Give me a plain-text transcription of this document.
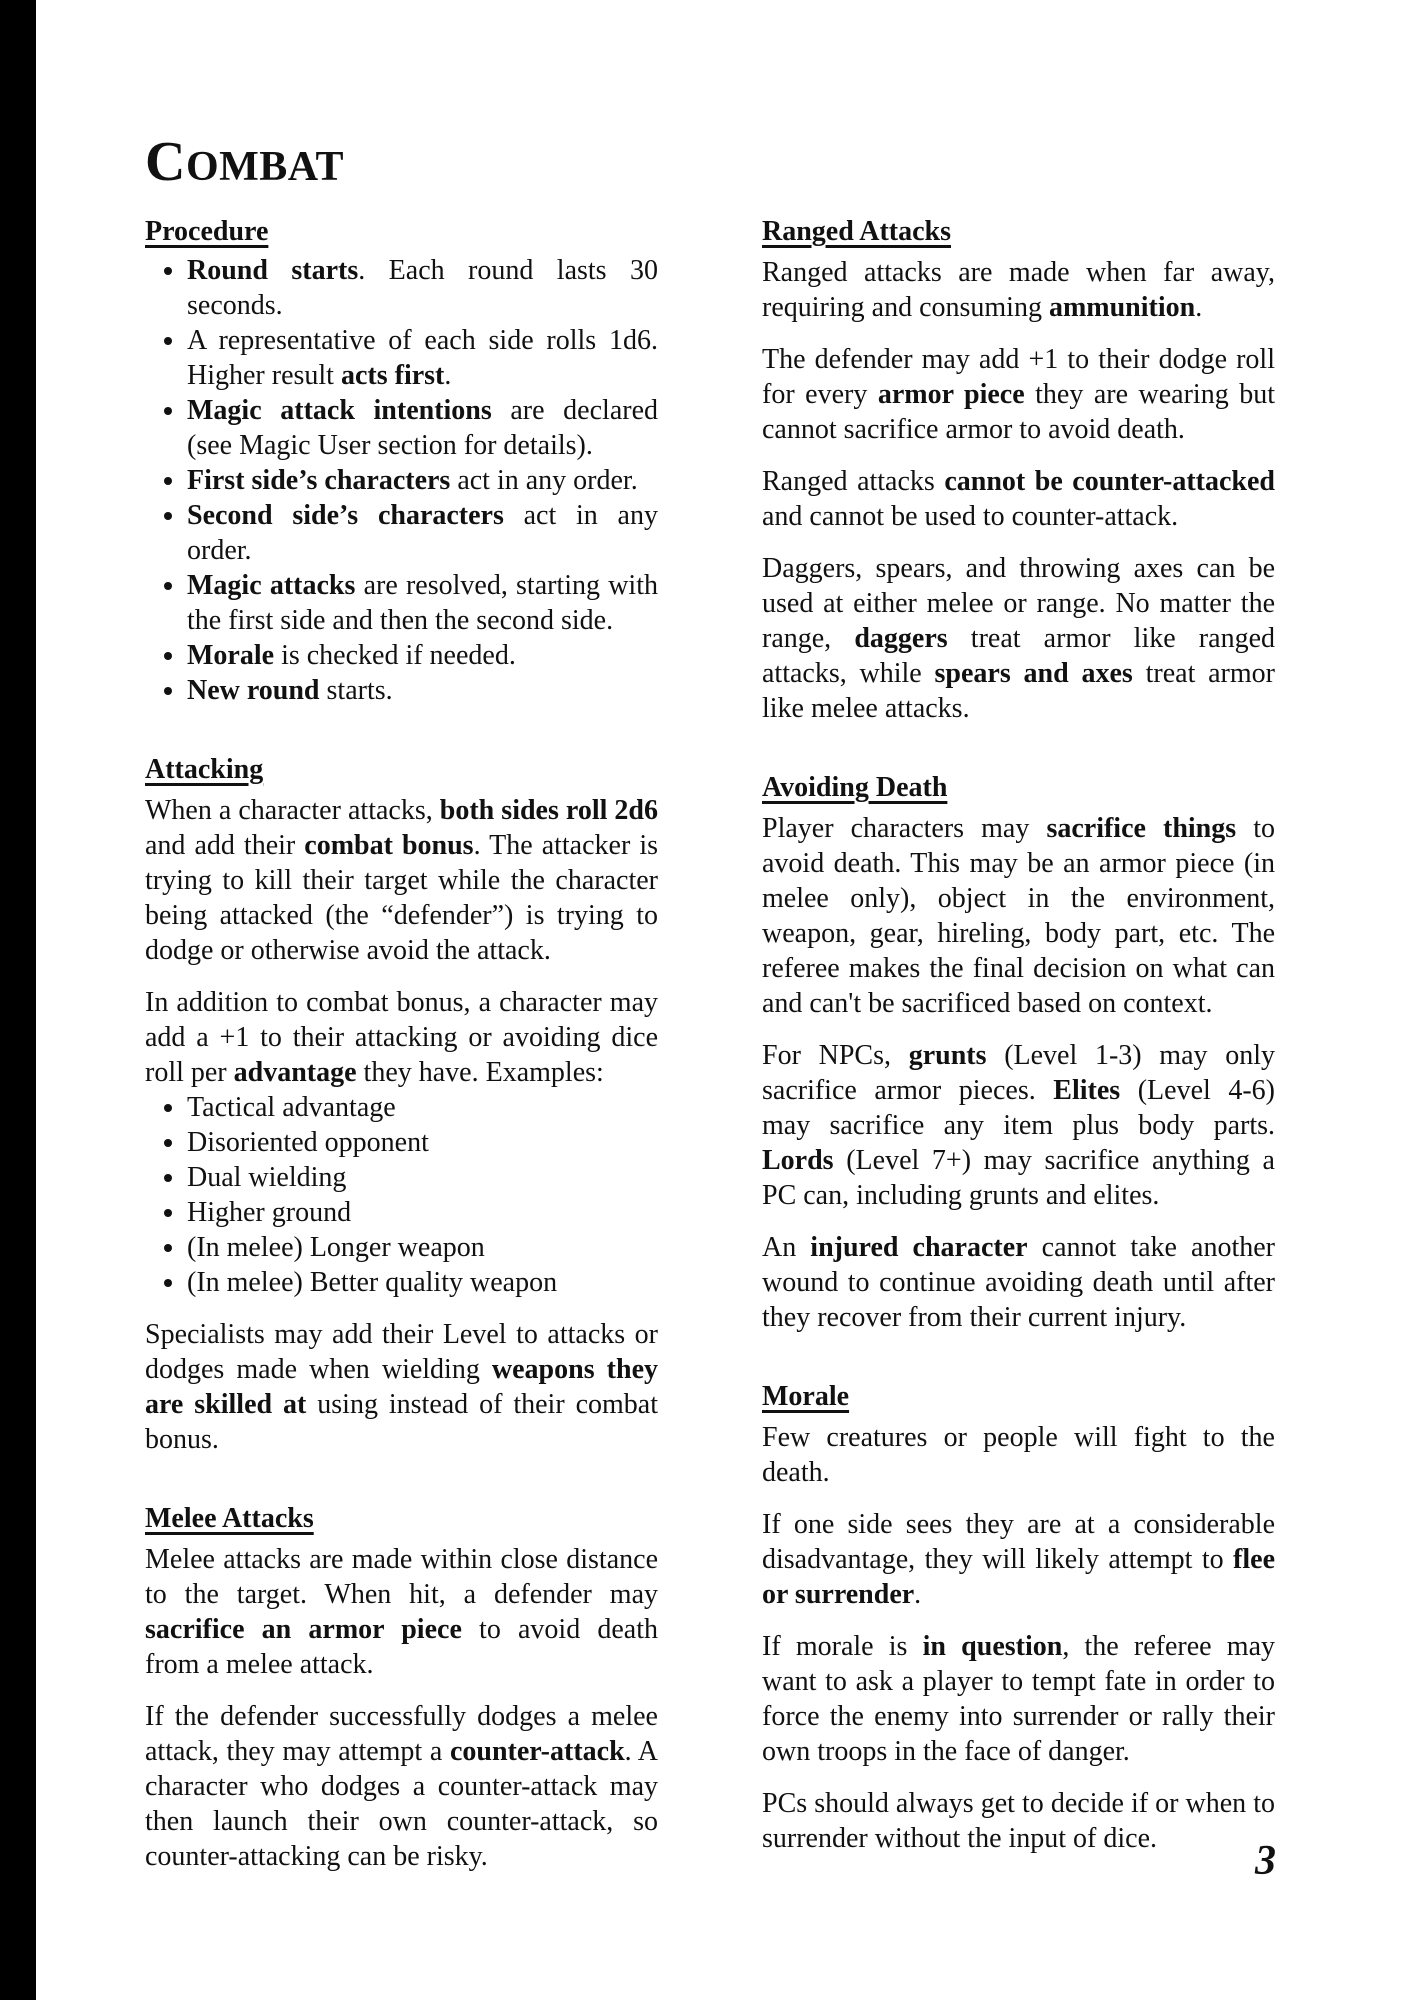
COMBAT
Procedure
• Round starts. Each round lasts 30 seconds.
• A representative of each side rolls 1d6. Higher result acts first.
• Magic attack intentions are declared (see Magic User section for details).
• First side’s characters act in any order.
• Second side’s characters act in any order.
• Magic attacks are resolved, starting with the first side and then the second side.
• Morale is checked if needed.
• New round starts.
Attacking

When a character attacks, both sides roll 2d6 and add their combat bonus. The attacker is trying to kill their target while the character being attacked (the “defender”) is trying to dodge or otherwise avoid the attack.

In addition to combat bonus, a character may add a +1 to their attacking or avoiding dice roll per advantage they have. Examples:

• Tactical advantage
• Disoriented opponent
• Dual wielding
• Higher ground
• (In melee) Longer weapon
• (In melee) Better quality weapon

Specialists may add their Level to attacks or dodges made when wielding weapons they are skilled at using instead of their combat bonus.

Melee Attacks

Melee attacks are made within close distance to the target. When hit, a defender may sacrifice an armor piece to avoid death from a melee attack.

If the defender successfully dodges a melee attack, they may attempt a counter-attack. A character who dodges a counter-attack may then launch their own counter-attack, so counter-attacking can be risky.

Ranged Attacks

Ranged attacks are made when far away, requiring and consuming ammunition.

The defender may add +1 to their dodge roll for every armor piece they are wearing but cannot sacrifice armor to avoid death.

Ranged attacks cannot be counter-attacked and cannot be used to counter-attack.

Daggers, spears, and throwing axes can be used at either melee or range. No matter the range, daggers treat armor like ranged attacks, while spears and axes treat armor like melee attacks.

Avoiding Death

Player characters may sacrifice things to avoid death. This may be an armor piece (in melee only), object in the environment, weapon, gear, hireling, body part, etc. The referee makes the final decision on what can and can't be sacrificed based on context.

For NPCs, grunts (Level 1-3) may only sacrifice armor pieces. Elites (Level 4-6) may sacrifice any item plus body parts. Lords (Level 7+) may sacrifice anything a PC can, including grunts and elites.

An injured character cannot take another wound to continue avoiding death until after they recover from their current injury.

Morale

Few creatures or people will fight to the death.

If one side sees they are at a considerable disadvantage, they will likely attempt to flee or surrender.

If morale is in question, the referee may want to ask a player to tempt fate in order to force the enemy into surrender or rally their own troops in the face of danger.

PCs should always get to decide if or when to surrender without the input of dice.	3
